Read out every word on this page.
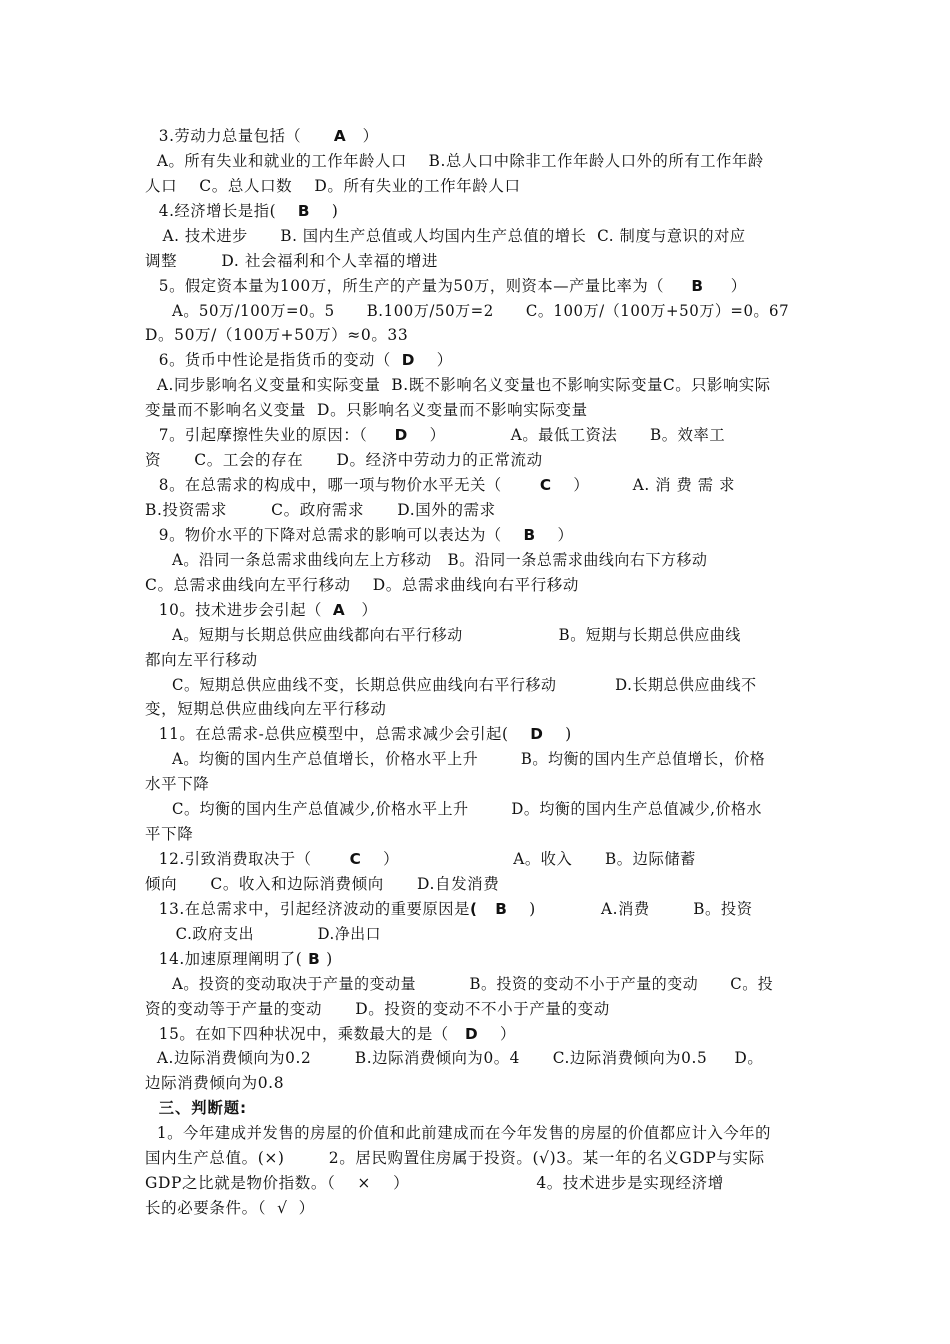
3.劳动力总量包括（      A   ）
A。所有失业和就业的工作年龄人口    B.总人口中除非工作年龄人口外的所有工作年龄
人口    C。总人口数    D。所有失业的工作年龄人口
4.经济增长是指(    B    )
A. 技术进步      B. 国内生产总值或人均国内生产总值的增长  C. 制度与意识的对应
调整        D. 社会福利和个人幸福的增进
5。假定资本量为100万，所生产的产量为50万，则资本—产量比率为（     B     ）
A。50万/100万=0。5      B.100万/50万=2      C。100万/（100万+50万）=0。67
D。50万/（100万+50万）≈0。33
6。货币中性论是指货币的变动（  D    ）
A.同步影响名义变量和实际变量  B.既不影响名义变量也不影响实际变量C。只影响实际
变量而不影响名义变量  D。只影响名义变量而不影响实际变量
7。引起摩擦性失业的原因：（     D    ）            A。最低工资法      B。效率工
资      C。工会的存在      D。经济中劳动力的正常流动
8。在总需求的构成中，哪一项与物价水平无关（       C    ）        A. 消 费 需 求
B.投资需求        C。政府需求      D.国外的需求
9。物价水平的下降对总需求的影响可以表达为（    B    ）
A。沿同一条总需求曲线向左上方移动   B。沿同一条总需求曲线向右下方移动
C。总需求曲线向左平行移动    D。总需求曲线向右平行移动
10。技术进步会引起（  A   ）
A。短期与长期总供应曲线都向右平行移动                  B。短期与长期总供应曲线
都向左平行移动
C。短期总供应曲线不变，长期总供应曲线向右平行移动           D.长期总供应曲线不
变，短期总供应曲线向左平行移动
11。在总需求-总供应模型中，总需求减少会引起(    D    )
A。均衡的国内生产总值增长，价格水平上升        B。均衡的国内生产总值增长，价格
水平下降
C。均衡的国内生产总值减少,价格水平上升        D。均衡的国内生产总值减少,价格水
平下降
12.引致消费取决于（       C    ）                     A。收入      B。边际储蓄
倾向      C。收入和边际消费倾向      D.自发消费
13.在总需求中，引起经济波动的重要原因是(   B    )            A.消费        B。投资
C.政府支出            D.净出口
14.加速原理阐明了( B )
A。投资的变动取决于产量的变动量          B。投资的变动不小于产量的变动      C。投
资的变动等于产量的变动      D。投资的变动不不小于产量的变动
15。在如下四种状况中，乘数最大的是（   D    ）
A.边际消费倾向为0.2        B.边际消费倾向为0。4      C.边际消费倾向为0.5     D。
边际消费倾向为0.8
三、判断题:
1。今年建成并发售的房屋的价值和此前建成而在今年发售的房屋的价值都应计入今年的
国内生产总值。(×)        2。居民购置住房属于投资。(√)3。某一年的名义GDP与实际
GDP之比就是物价指数。（    ×    ）                       4。技术进步是实现经济增
长的必要条件。（  √  ）
